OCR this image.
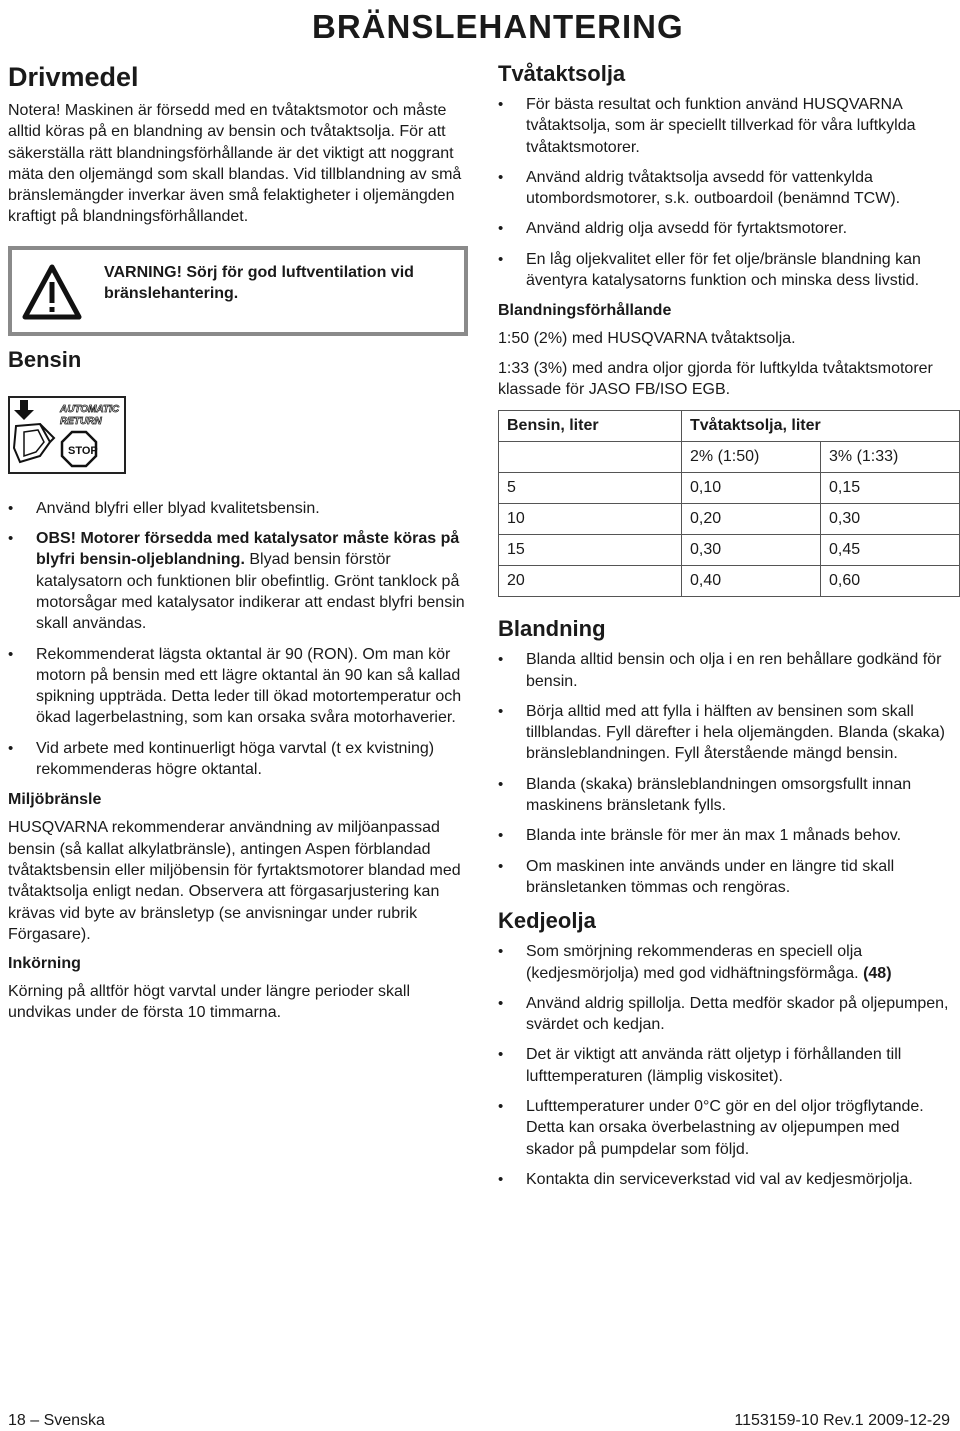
BRÄNSLEHANTERING
Drivmedel

Notera! Maskinen är försedd med en tvåtaktsmotor och måste alltid köras på en blandning av bensin och tvåtaktsolja. För att säkerställa rätt blandningsförhållande är det viktigt att noggrant mäta den oljemängd som skall blandas. Vid tillblandning av små bränslemängder inverkar även små felaktigheter i oljemängden kraftigt på blandningsförhållandet.

VARNING! Sörj för god luftventilation vid bränslehantering.
Bensin
AUTOMATIC
RETURN
STOP
• Använd blyfri eller blyad kvalitetsbensin.
• OBS! Motorer försedda med katalysator måste köras på blyfri bensin-oljeblandning. Blyad bensin förstör katalysatorn och funktionen blir obefintlig. Grönt tanklock på motorsågar med katalysator indikerar att endast blyfri bensin skall användas.
• Rekommenderat lägsta oktantal är 90 (RON). Om man kör motorn på bensin med ett lägre oktantal än 90 kan så kallad spikning uppträda. Detta leder till ökad motortemperatur och ökad lagerbelastning, som kan orsaka svåra motorhaverier.
• Vid arbete med kontinuerligt höga varvtal (t ex kvistning) rekommenderas högre oktantal.
Miljöbränsle

HUSQVARNA rekommenderar användning av miljöanpassad bensin (så kallat alkylatbränsle), antingen Aspen förblandad tvåtaktsbensin eller miljöbensin för fyrtaktsmotorer blandad med tvåtaktsolja enligt nedan. Observera att förgasarjustering kan krävas vid byte av bränsletyp (se anvisningar under rubrik Förgasare).

Inkörning

Körning på alltför högt varvtal under längre perioder skall undvikas under de första 10 timmarna.

Tvåtaktsolja
• För bästa resultat och funktion använd HUSQVARNA tvåtaktsolja, som är speciellt tillverkad för våra luftkylda tvåtaktsmotorer.
• Använd aldrig tvåtaktsolja avsedd för vattenkylda utombordsmotorer, s.k. outboardoil (benämnd TCW).
• Använd aldrig olja avsedd för fyrtaktsmotorer.
• En låg oljekvalitet eller för fet olje/bränsle blandning kan äventyra katalysatorns funktion och minska dess livstid.
Blandningsförhållande

1:50 (2%) med HUSQVARNA tvåtaktsolja.

1:33 (3%) med andra oljor gjorda för luftkylda tvåtaktsmotorer klassade för JASO FB/ISO EGB.

Bensin, liter	Tvåtaktsolja, liter	
	2% (1:50)	3% (1:33)
5	0,10	0,15
10	0,20	0,30
15	0,30	0,45
20	0,40	0,60
Blandning
• Blanda alltid bensin och olja i en ren behållare godkänd för bensin.
• Börja alltid med att fylla i hälften av bensinen som skall tillblandas. Fyll därefter i hela oljemängden. Blanda (skaka) bränsleblandningen. Fyll återstående mängd bensin.
• Blanda (skaka) bränsleblandningen omsorgsfullt innan maskinens bränsletank fylls.
• Blanda inte bränsle för mer än max 1 månads behov.
• Om maskinen inte används under en längre tid skall bränsletanken tömmas och rengöras.
Kedjeolja
• Som smörjning rekommenderas en speciell olja (kedjesmörjolja) med god vidhäftningsförmåga. (48)
• Använd aldrig spillolja. Detta medför skador på oljepumpen, svärdet och kedjan.
• Det är viktigt att använda rätt oljetyp i förhållanden till lufttemperaturen (lämplig viskositet).
• Lufttemperaturer under 0°C gör en del oljor trögflytande. Detta kan orsaka överbelastning av oljepumpen med skador på pumpdelar som följd.
• Kontakta din serviceverkstad vid val av kedjesmörjolja.
18 – Svenska	1153159-10 Rev.1 2009-12-29
